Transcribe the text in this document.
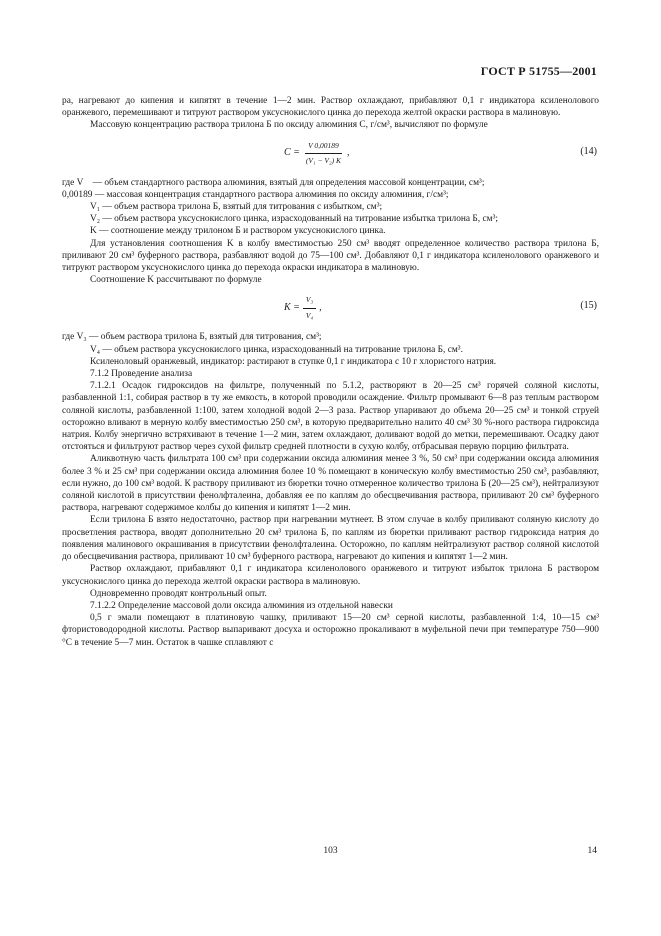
ГОСТ Р 51755—2001

ра, нагревают до кипения и кипятят в течение 1—2 мин. Раствор охлаждают, прибавляют 0,1 г индикатора ксиленолового оранжевого, перемешивают и титруют раствором уксуснокислого цинка до перехода желтой окраски раствора в малиновую.

Массовую концентрацию раствора трилона Б по оксиду алюминия C, г/см³, вычисляют по формуле

$C = \frac{V 0,00189}{\text{(V₁ − V₂) K}}$ ,	(14)
где V    — объем стандартного раствора алюминия, взятый для определения массовой концентрации, см³;
0,00189 — массовая концентрация стандартного раствора алюминия по оксиду алюминия, г/см³;
V₁ — объем раствора трилона Б, взятый для титрования с избытком, см³;
V₂ — объем раствора уксуснокислого цинка, израсходованный на титрование избытка трилона Б, см³;
K — соотношение между трилоном Б и раствором уксуснокислого цинка.

Для установления соотношения K в колбу вместимостью 250 см³ вводят определенное количество раствора трилона Б, приливают 20 см³ буферного раствора, разбавляют водой до 75—100 см³. Добавляют 0,1 г индикатора ксиленолового оранжевого и титруют раствором уксуснокислого цинка до перехода окраски индикатора в малиновую.

Соотношение K рассчитывают по формуле

$K = \frac{\text{V₃}}{\text{V₄}}$ ,	(15)
где V₃ — объем раствора трилона Б, взятый для титрования, см³;
V₄ — объем раствора уксуснокислого цинка, израсходованный на титрование трилона Б, см³.

Ксиленоловый оранжевый, индикатор: растирают в ступке 0,1 г индикатора с 10 г хлористого натрия.

7.1.2 Проведение анализа

7.1.2.1 Осадок гидроксидов на фильтре, полученный по 5.1.2, растворяют в 20—25 см³ горячей соляной кислоты, разбавленной 1:1, собирая раствор в ту же емкость, в которой проводили осаждение. Фильтр промывают 6—8 раз теплым раствором соляной кислоты, разбавленной 1:100, затем холодной водой 2—3 раза. Раствор упаривают до объема 20—25 см³ и тонкой струей осторожно вливают в мерную колбу вместимостью 250 см³, в которую предварительно налито 40 см³ 30 %-ного раствора гидроксида натрия. Колбу энергично встряхивают в течение 1—2 мин, затем охлаждают, доливают водой до метки, перемешивают. Осадку дают отстояться и фильтруют раствор через сухой фильтр средней плотности в сухую колбу, отбрасывая первую порцию фильтрата.

Аликвотную часть фильтрата 100 см³ при содержании оксида алюминия менее 3 %, 50 см³ при содержании оксида алюминия более 3 % и 25 см³ при содержании оксида алюминия более 10 % помещают в коническую колбу вместимостью 250 см³, разбавляют, если нужно, до 100 см³ водой. К раствору приливают из бюретки точно отмеренное количество трилона Б (20—25 см³), нейтрализуют соляной кислотой в присутствии фенолфталеина, добавляя ее по каплям до обесцвечивания раствора, приливают 20 см³ буферного раствора, нагревают содержимое колбы до кипения и кипятят 1—2 мин.

Если трилона Б взято недостаточно, раствор при нагревании мутнеет. В этом случае в колбу приливают соляную кислоту до просветления раствора, вводят дополнительно 20 см³ трилона Б, по каплям из бюретки приливают раствор гидроксида натрия до появления малинового окрашивания в присутствии фенолфталеина. Осторожно, по каплям нейтрализуют раствор соляной кислотой до обесцвечивания раствора, приливают 10 см³ буферного раствора, нагревают до кипения и кипятят 1—2 мин.

Раствор охлаждают, прибавляют 0,1 г индикатора ксиленолового оранжевого и титруют избыток трилона Б раствором уксуснокислого цинка до перехода желтой окраски раствора в малиновую.

Одновременно проводят контрольный опыт.

7.1.2.2 Определение массовой доли оксида алюминия из отдельной навески

0,5 г эмали помещают в платиновую чашку, приливают 15—20 см³ серной кислоты, разбавленной 1:4, 10—15 см³ фтористоводородной кислоты. Раствор выпаривают досуха и осторожно прокаливают в муфельной печи при температуре 750—900 °С в течение 5—7 мин. Остаток в чашке сплавляют с

103	14
